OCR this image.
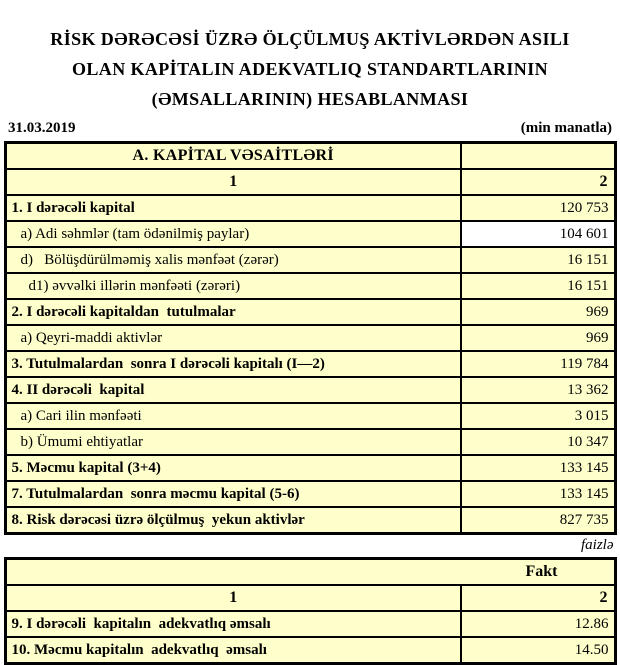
RİSK DƏRƏCƏSİ ÜZRƏ ÖLÇÜLMUŞ AKTİVLƏRDƏN ASILI
OLAN KAPİTALIN ADEKVATLIQ STANDARTLARININ
(ƏMSALLARININ) HESABLANMASI
31.03.2019	(min manatla)
A. KAPİTAL VƏSAİTLƏRİ	
1	2
1. I dərəcəli kapital	120 753
a) Adi səhmlər (tam ödənilmiş paylar)	104 601
d)   Bölüşdürülməmiş xalis mənfəət (zərər)	16 151
d1) əvvəlki illərin mənfəəti (zərəri)	16 151
2. I dərəcəli kapitaldan  tutulmalar	969
a) Qeyri-maddi aktivlər	969
3. Tutulmalardan  sonra I dərəcəli kapitalı (I—2)	119 784
4. II dərəcəli  kapital	13 362
a) Cari ilin mənfəəti	3 015
b) Ümumi ehtiyatlar	10 347
5. Məcmu kapital (3+4)	133 145
7. Tutulmalardan  sonra məcmu kapital (5-6)	133 145
8. Risk dərəcəsi üzrə ölçülmuş  yekun aktivlər	827 735
faizlə
Fakt	
1	2
9. I dərəcəli  kapitalın  adekvatlıq əmsalı	12.86
10. Məcmu kapitalın  adekvatlıq  əmsalı	14.50
